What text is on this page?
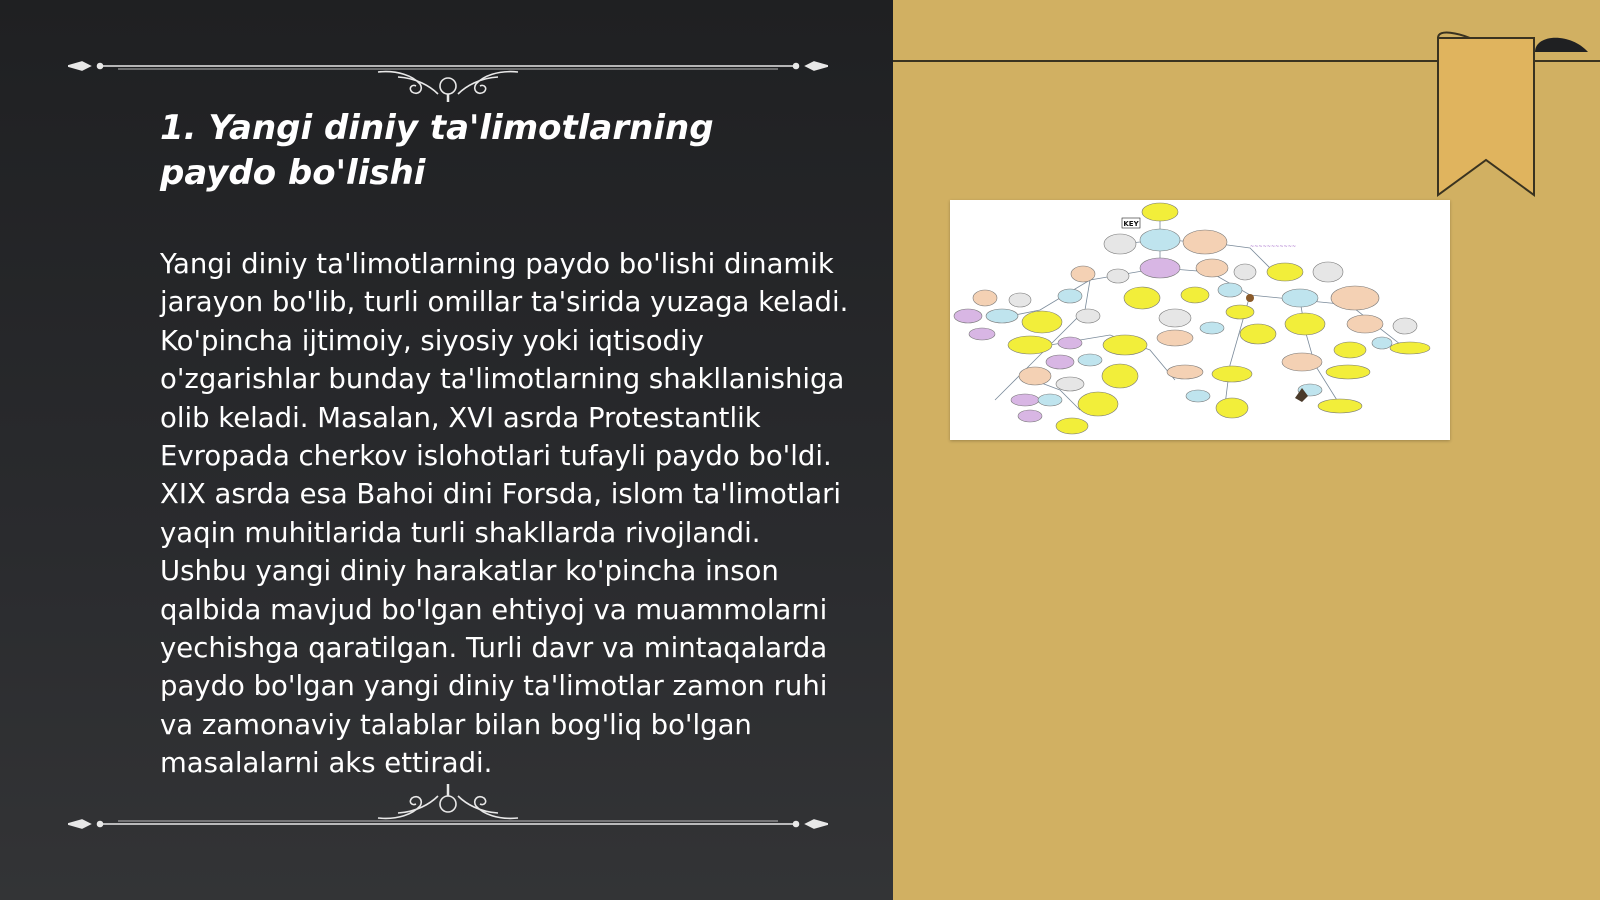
1. Yangi diniy ta'limotlarning paydo bo'lishi

Yangi diniy ta'limotlarning paydo bo'lishi dinamik jarayon bo'lib, turli omillar ta'sirida yuzaga keladi. Ko'pincha ijtimoiy, siyosiy yoki iqtisodiy o'zgarishlar bunday ta'limotlarning shakllanishiga olib keladi. Masalan, XVI asrda Protestantlik Evropada cherkov islohotlari tufayli paydo bo'ldi. XIX asrda esa Bahoi dini Forsda, islom ta'limotlari yaqin muhitlarida turli shakllarda rivojlandi. Ushbu yangi diniy harakatlar ko'pincha inson qalbida mavjud bo'lgan ehtiyoj va muammolarni yechishga qaratilgan. Turli davr va mintaqalarda paydo bo'lgan yangi diniy ta'limotlar zamon ruhi va zamonaviy talablar bilan bog'liq bo'lgan masalalarni aks ettiradi.

KEY
~~~~~~~~~~~
